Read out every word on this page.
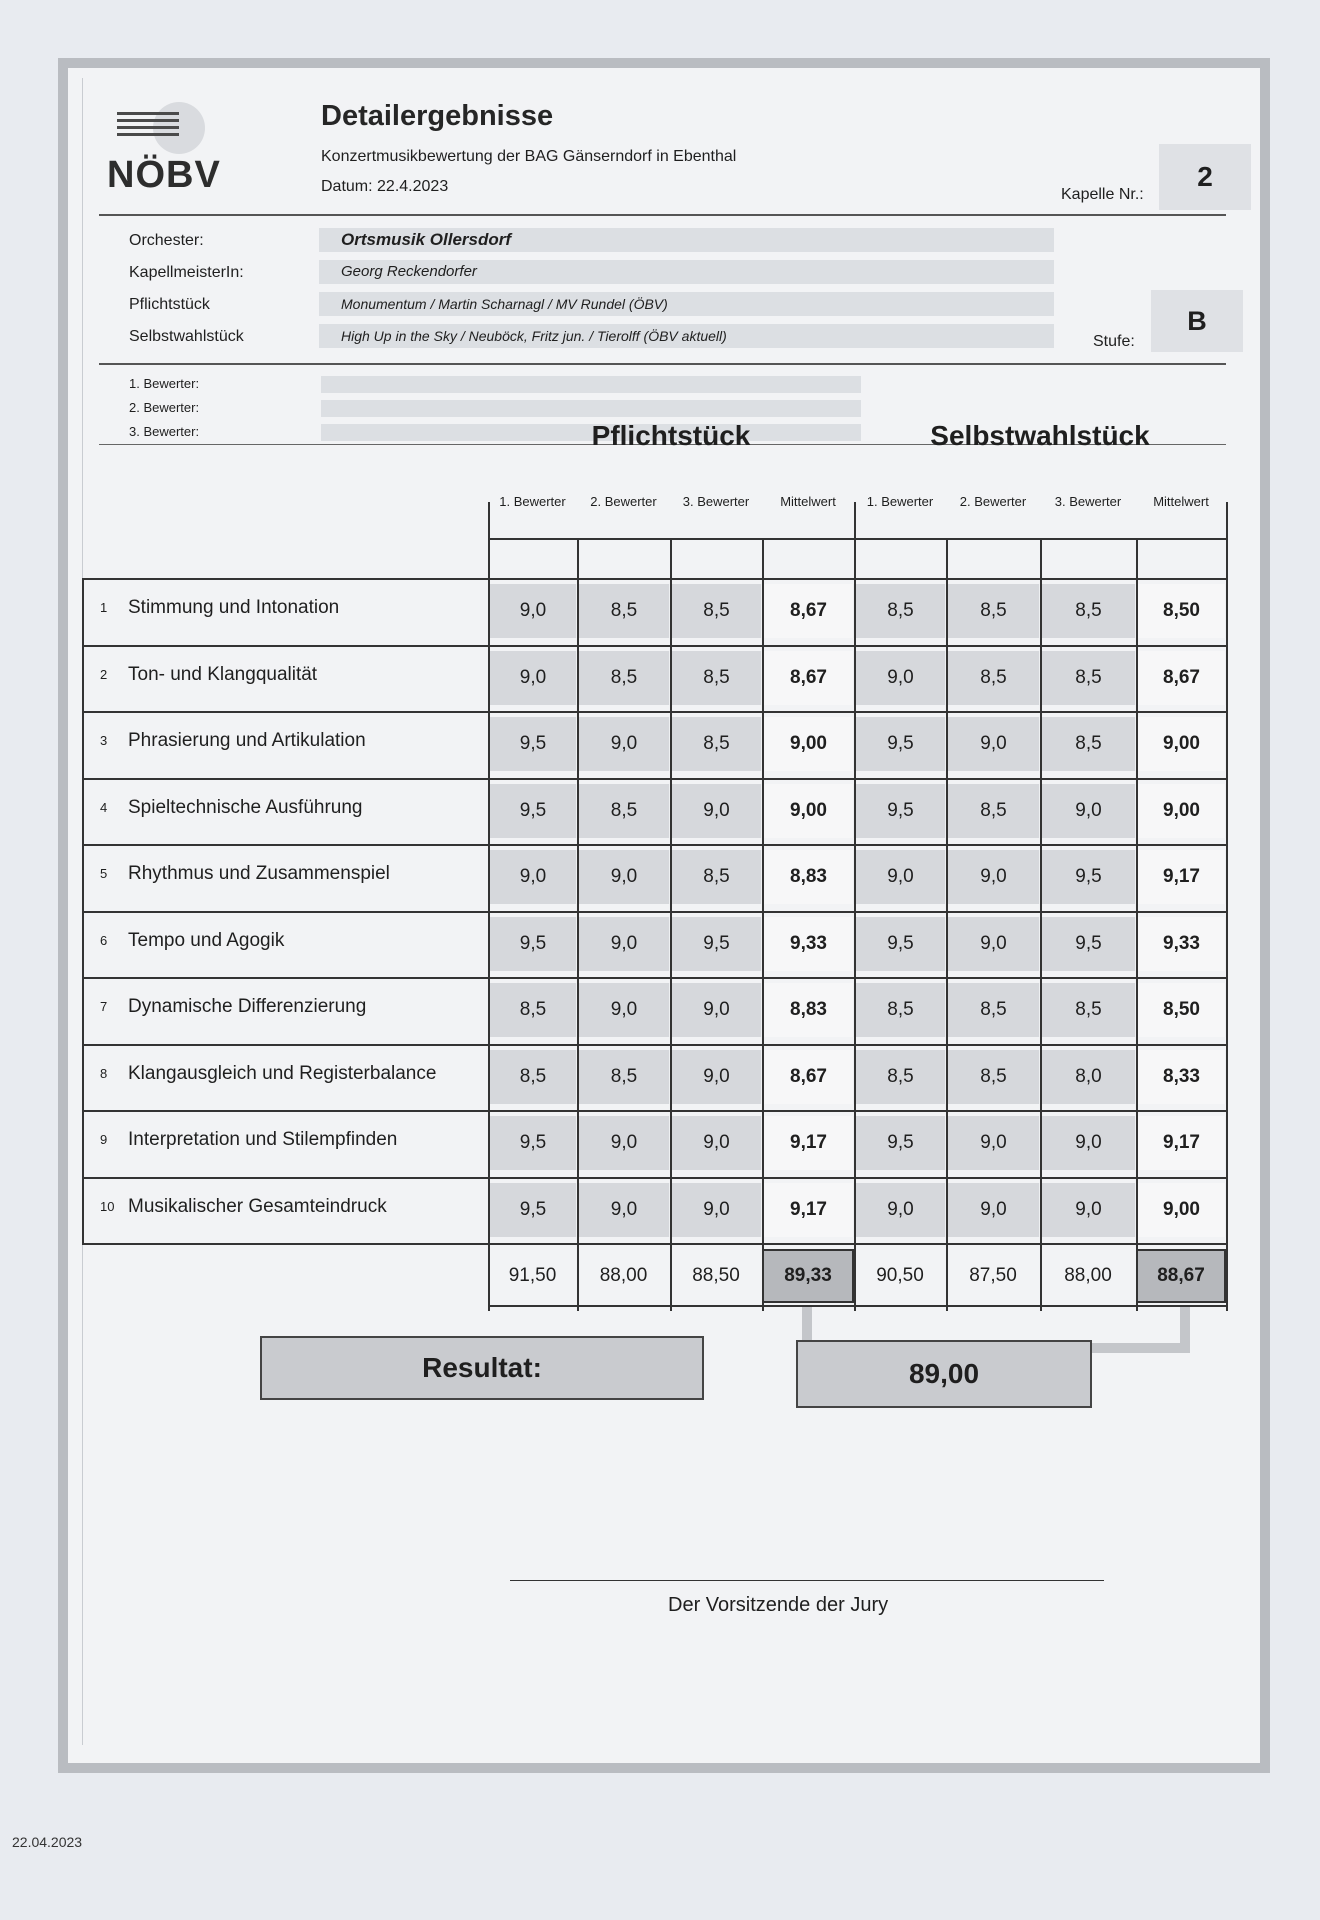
NÖBV
Detailergebnisse
Konzertmusikbewertung der BAG Gänserndorf in Ebenthal
Datum: 22.4.2023	Kapelle Nr.:
2
Orchester:	Ortsmusik Ollersdorf
KapellmeisterIn:	Georg Reckendorfer
Pflichtstück	Monumentum / Martin Scharnagl / MV Rundel (ÖBV)
Selbstwahlstück	High Up in the Sky / Neuböck, Fritz jun. / Tierolff (ÖBV aktuell)	Stufe:
B
1. Bewerter:
2. Bewerter:
3. Bewerter:	Pflichtstück	Selbstwahlstück
1. Bewerter	2. Bewerter	3. Bewerter	Mittelwert	1. Bewerter	2. Bewerter	3. Bewerter	Mittelwert
1 Stimmung und Intonation	9,0	8,5	8,5	8,67	8,5	8,5	8,5	8,50
2 Ton- und Klangqualität	9,0	8,5	8,5	8,67	9,0	8,5	8,5	8,67
3 Phrasierung und Artikulation	9,5	9,0	8,5	9,00	9,5	9,0	8,5	9,00
4 Spieltechnische Ausführung	9,5	8,5	9,0	9,00	9,5	8,5	9,0	9,00
5 Rhythmus und Zusammenspiel	9,0	9,0	8,5	8,83	9,0	9,0	9,5	9,17
6 Tempo und Agogik	9,5	9,0	9,5	9,33	9,5	9,0	9,5	9,33
7 Dynamische Differenzierung	8,5	9,0	9,0	8,83	8,5	8,5	8,5	8,50
8 Klangausgleich und Registerbalance	8,5	8,5	9,0	8,67	8,5	8,5	8,0	8,33
9 Interpretation und Stilempfinden	9,5	9,0	9,0	9,17	9,5	9,0	9,0	9,17
10 Musikalischer Gesamteindruck	9,5	9,0	9,0	9,17	9,0	9,0	9,0	9,00
91,50	88,00	88,50	89,33	90,50	87,50	88,00	88,67
Resultat:	89,00
Der Vorsitzende der Jury
22.04.2023
